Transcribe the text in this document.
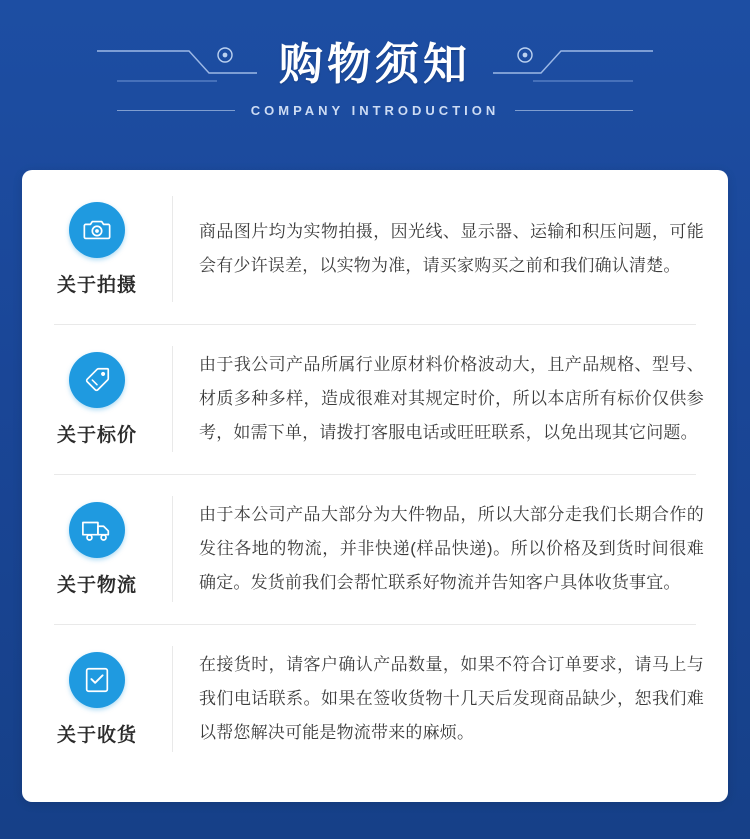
购物须知
COMPANY INTRODUCTION
关于拍摄
商品图片均为实物拍摄，因光线、显示器、运输和积压问题，可能会有少许误差，以实物为准，请买家购买之前和我们确认清楚。
关于标价
由于我公司产品所属行业原材料价格波动大，且产品规格、型号、材质多种多样，造成很难对其规定时价，所以本店所有标价仅供参考，如需下单，请拨打客服电话或旺旺联系，以免出现其它问题。
关于物流
由于本公司产品大部分为大件物品，所以大部分走我们长期合作的发往各地的物流，并非快递(样品快递)。所以价格及到货时间很难确定。发货前我们会帮忙联系好物流并告知客户具体收货事宜。
关于收货
在接货时，请客户确认产品数量，如果不符合订单要求，请马上与我们电话联系。如果在签收货物十几天后发现商品缺少，恕我们难以帮您解决可能是物流带来的麻烦。
